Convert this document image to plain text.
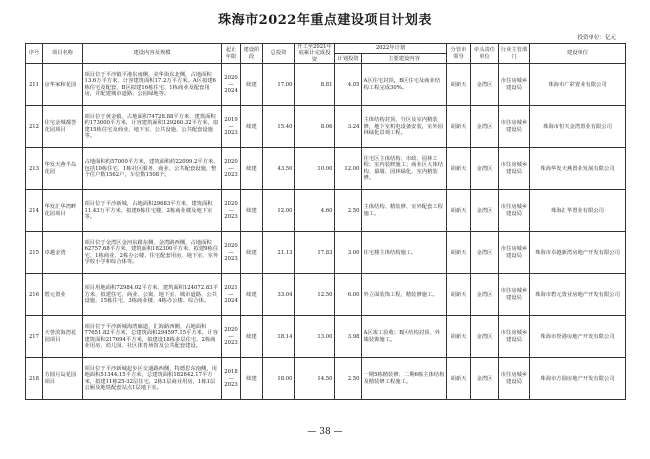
珠海市2022年重点建设项目计划表
投资单位：亿元
序号	项目名称	建设内容及规模	起止年限	建设阶段	总投资	开工至2021年底累计完成投资	2022年计划		分管市领导	牵头责任单位	行业主管部门	建设单位
							计划投资	主要建设内容				
211	京华家和花园	项目位于平沙镇平港东南侧、美华街东北侧，占地面积13.6万平方米，计容建筑面积17.2万平方米。A区拟建6栋住宅及配套，B区拟建16栋住宅、1栋商业及配套用房，并配建城市道路、公园绿地等。	2020
—
2024	续建	17.00	8.81	4.05	A区住宅封顶，B区住宅及商业结构工程完成30%。	胡新天	金湾区	市住房城乡建设局	珠海市广彩置业有限公司
212	住宅金城都荟花园项目	项目位于黄金镇，占地面积74728.88平方米，建筑面积约173000平方米，计容建筑面积129260.32平方米，拟建15栋住宅及商业、地下室、公共设施、公共配套设施等。	2019
—
2023	续建	15.40	8.06	3.24	主体结构封顶，分区及室内精装修，地下室机电设备安装，室外园林绿化景观工程。	胡新天	金湾区	市住房城乡建设局	珠海市恒天金湾置业有限公司
213	华发天燕半岛花园	占地面积约57000平方米，建筑面积约22099.2平方米，包括10栋住宅、1栋社区服务、商业、公共配套设施，整个住户数1562户，车位数1508个。	2020
—
2023	续建	43.50	10.00	12.00	住宅区主体结构、市政、园林工程；室内装修施工；商业区大体结构、幕墙、园林绿化、室内精装修。	胡新天	金湾区	市住房城乡建设局	珠海华发天燕置业发展有限公司
214	华发汇华湾畔花园项目	项目位于平沙新城，占地面积29683平方米，建筑面积11.43万平方米，拟建6栋住宅楼、2栋商业楼及地下室等。	2020
—
2023	续建	12.00	4.60	2.50	主体结构、精装修、室外配套工程施工。	胡新天	金湾区	市住房城乡建设局	珠海汇华置业有限公司
215	卓越金湾	项目位于金湾区金河东路东侧、金湾路西侧，占地面积62757.68平方米，建筑面积182300平方米，拟建9栋住宅、1栋商业、2栋办公楼、住宅配套用房、地下室、室外学校小学和综合体等。	2020
—
2023	续建	21.13	17.83	3.00	住宅楼主体结构施工。	胡新天	金湾区	市住房城乡建设局	珠海市卓越新湾房地产开发有限公司
216	碧元置业	项目用地面积72984.02平方米，建筑面积124072.83平方米，拟建住宅、商业、公寓、地下室、城市道路、公共设施、15栋住宅、3栋商业楼、4栋办公楼、综合体。	2021
—
2024	续建	33.04	12.50	6.00	外立面装饰工程，精装修施工。	胡新天	金湾区	市住房城乡建设局	珠海市碧元置业房地产开发有限公司
217	天誉滨海湾花园项目	项目位于平沙新城海湾廊道，汇海路西侧，占地面积77651.82平方米，总建筑面积294597.15平方米，计容建筑面积217694平方米，拟建设18栋多层住宅、2栋商业用房、幼儿园、社区体育场馆及公共配套建设。	2020
—
2023	续建	18.14	13.00	3.98	A区竣工验收；B区结构封顶、外墙装饰施工。	胡新天	金湾区	市住房城乡建设局	珠海市誉港房地产开发有限公司
218	方圆月岛花园项目	项目位于平沙新城起步区交通路西侧，特德思东南侧，用地面积51344.15平方米，总建筑面积182642.17平方米，拟建11栋25-32层住宅，2栋1层商业用房，1栋1层公厕及地铁配套站点1层地下室。	2018
—
2023	续建	18.00	14.50	2.50	一期5栋精装修、二期6栋主体结构及精装修工程施工。	胡新天	金湾区	市住房城乡建设局	珠海市方圆房地产开发有限公司
— 38 —
